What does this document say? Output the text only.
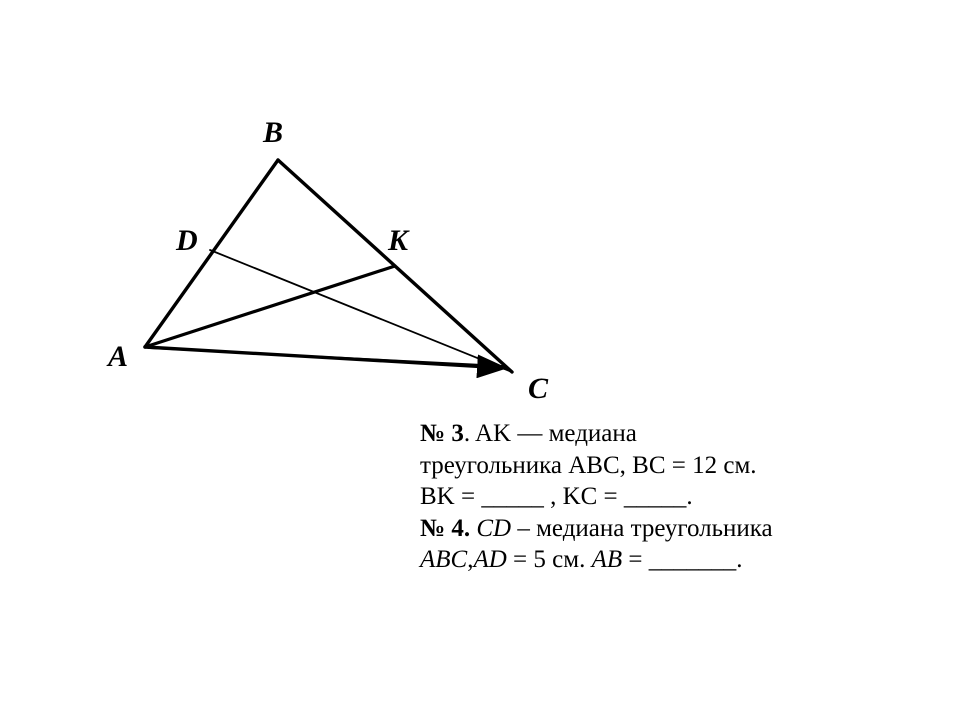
A
B
C
D	K
№ 3. AK — медиана
треугольника ABC, BC = 12 см.
BK = _____ , KC = _____.
№ 4. CD – медиана треугольника
ABC,AD = 5 см. AB = _______.
